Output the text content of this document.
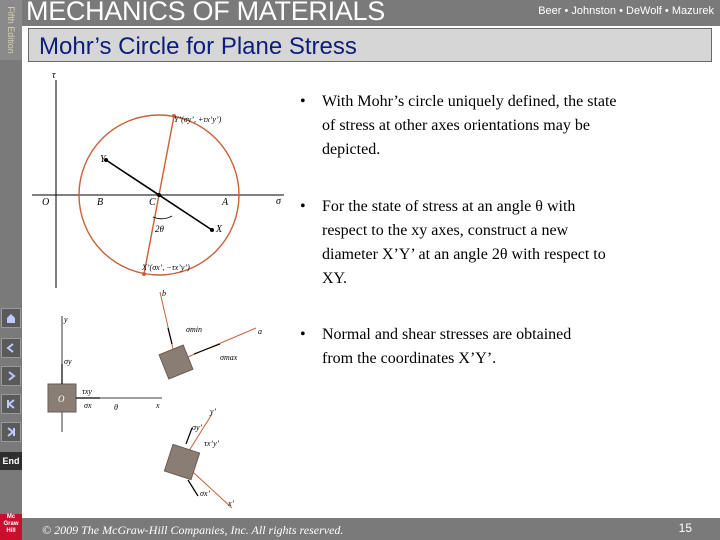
Fifth Edition
End
Mc
Graw
Hill
MECHANICS OF MATERIALS	Beer • Johnston • DeWolf • Mazurek
Mohr’s Circle for Plane Stress
τ
σ
O	B	C	A
X
Y
2θ
Y’(σy’, +τx’y’)
X’(σx’, −τx’y’)
b
a
σmin
σmax
y
x
O
σy
τxy
σx	θ	y’
x’
σy’
τx’y’
σx’
• With Mohr’s circle uniquely defined, the state
of stress at other axes orientations may be
depicted.
• For the state of stress at an angle θ with
respect to the xy axes, construct a new
diameter X’Y’ at an angle 2θ with respect to
XY.
• Normal and shear stresses are obtained
from the coordinates X’Y’.
© 2009 The McGraw-Hill Companies, Inc. All rights reserved.	15
